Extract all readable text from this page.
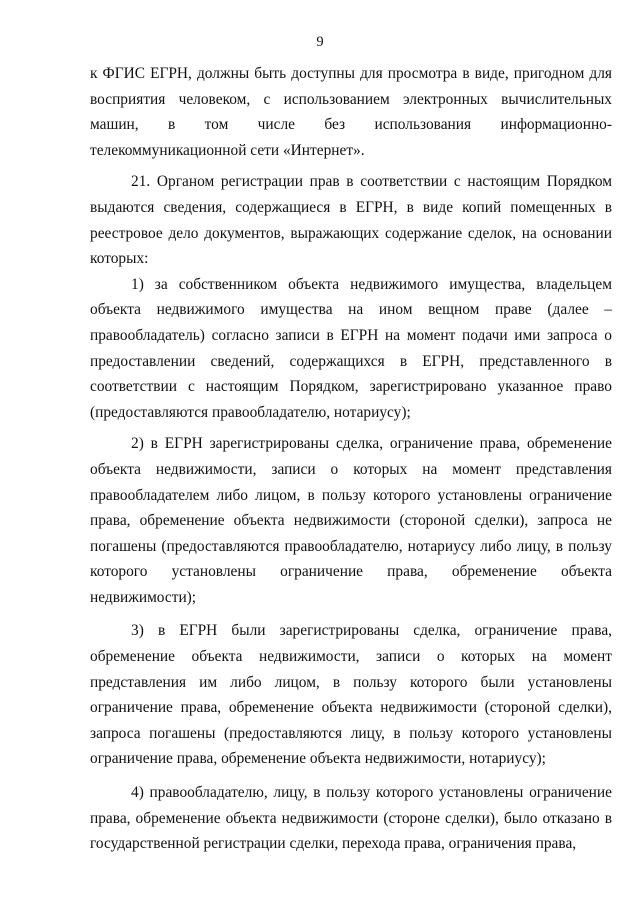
9

к ФГИС ЕГРН, должны быть доступны для просмотра в виде, пригодном для восприятия человеком, с использованием электронных вычислительных машин, в том числе без использования информационно-телекоммуникационной сети «Интернет».

21. Органом регистрации прав в соответствии с настоящим Порядком выдаются сведения, содержащиеся в ЕГРН, в виде копий помещенных в реестровое дело документов, выражающих содержание сделок, на основании которых:

1) за собственником объекта недвижимого имущества, владельцем объекта недвижимого имущества на ином вещном праве (далее – правообладатель) согласно записи в ЕГРН на момент подачи ими запроса о предоставлении сведений, содержащихся в ЕГРН, представленного в соответствии с настоящим Порядком, зарегистрировано указанное право (предоставляются правообладателю, нотариусу);

2) в ЕГРН зарегистрированы сделка, ограничение права, обременение объекта недвижимости, записи о которых на момент представления правообладателем либо лицом, в пользу которого установлены ограничение права, обременение объекта недвижимости (стороной сделки), запроса не погашены (предоставляются правообладателю, нотариусу либо лицу, в пользу которого установлены ограничение права, обременение объекта недвижимости);

3) в ЕГРН были зарегистрированы сделка, ограничение права, обременение объекта недвижимости, записи о которых на момент представления им либо лицом, в пользу которого были установлены ограничение права, обременение объекта недвижимости (стороной сделки), запроса погашены (предоставляются лицу, в пользу которого установлены ограничение права, обременение объекта недвижимости, нотариусу);

4) правообладателю, лицу, в пользу которого установлены ограничение права, обременение объекта недвижимости (стороне сделки), было отказано в государственной регистрации сделки, перехода права, ограничения права,
